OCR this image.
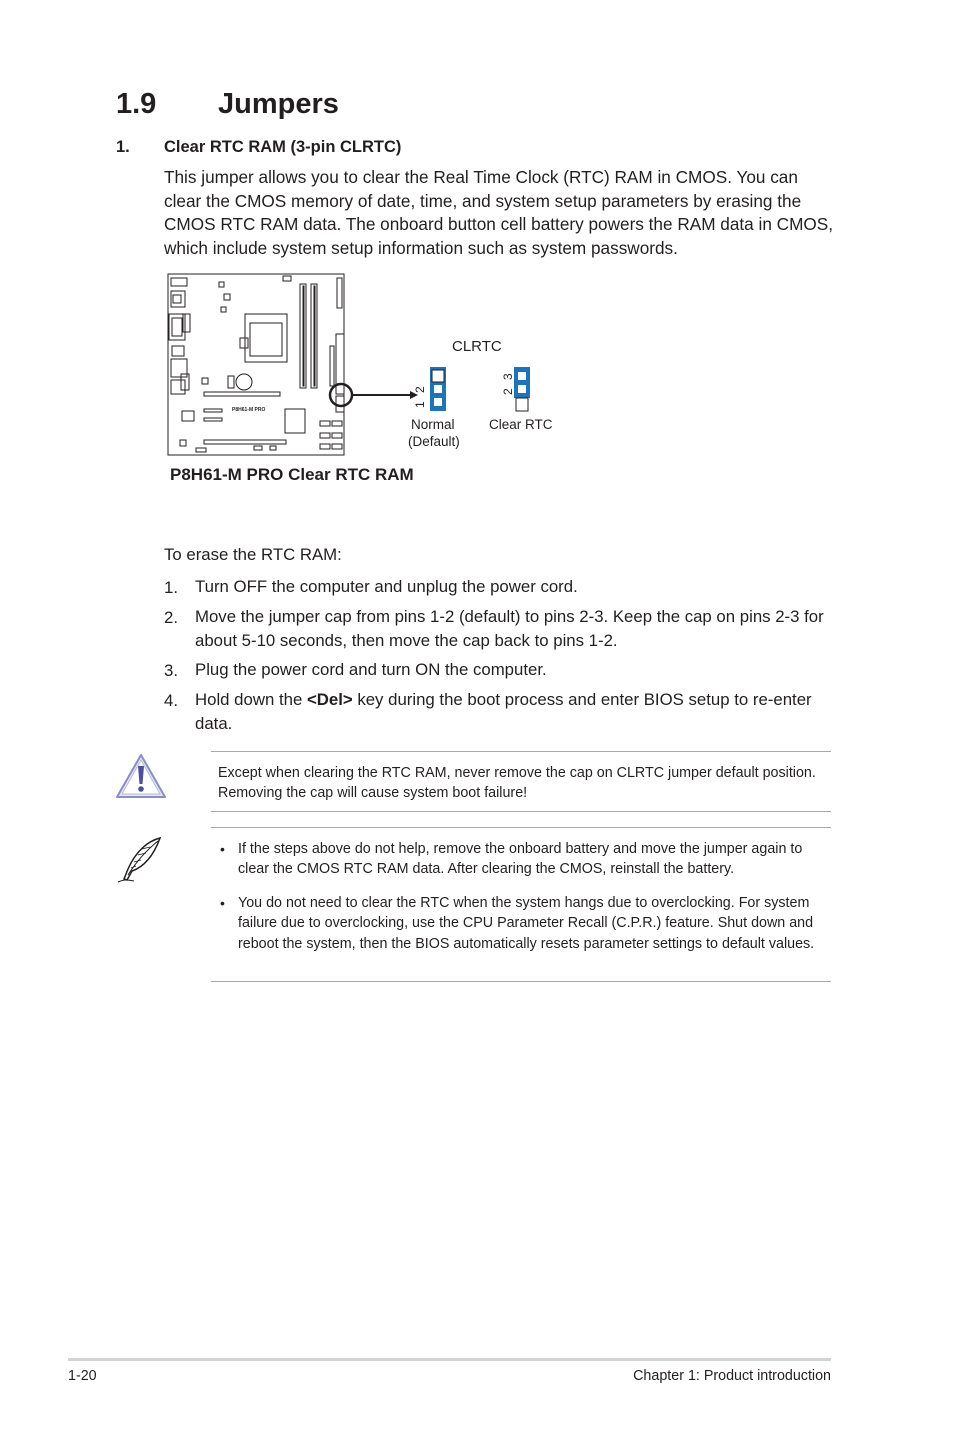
1.9 Jumpers
1. Clear RTC RAM (3-pin CLRTC)
This jumper allows you to clear the Real Time Clock (RTC) RAM in CMOS. You can clear the CMOS memory of date, time, and system setup parameters by erasing the CMOS RTC RAM data. The onboard button cell battery powers the RAM data in CMOS, which include system setup information such as system passwords.
P8H61-M PRO
2
1
3
2
CLRTC
Normal
(Default)
Clear RTC
P8H61-M PRO Clear RTC RAM
To erase the RTC RAM:
1. Turn OFF the computer and unplug the power cord.
2. Move the jumper cap from pins 1-2 (default) to pins 2-3. Keep the cap on pins 2-3 for about 5-10 seconds, then move the cap back to pins 1-2.
3. Plug the power cord and turn ON the computer.
4. Hold down the <Del> key during the boot process and enter BIOS setup to re-enter data.
Except when clearing the RTC RAM, never remove the cap on CLRTC jumper default position. Removing the cap will cause system boot failure!
• If the steps above do not help, remove the onboard battery and move the jumper again to clear the CMOS RTC RAM data. After clearing the CMOS, reinstall the battery.
• You do not need to clear the RTC when the system hangs due to overclocking. For system failure due to overclocking, use the CPU Parameter Recall (C.P.R.) feature. Shut down and reboot the system, then the BIOS automatically resets parameter settings to default values.
1-20	Chapter 1: Product introduction
